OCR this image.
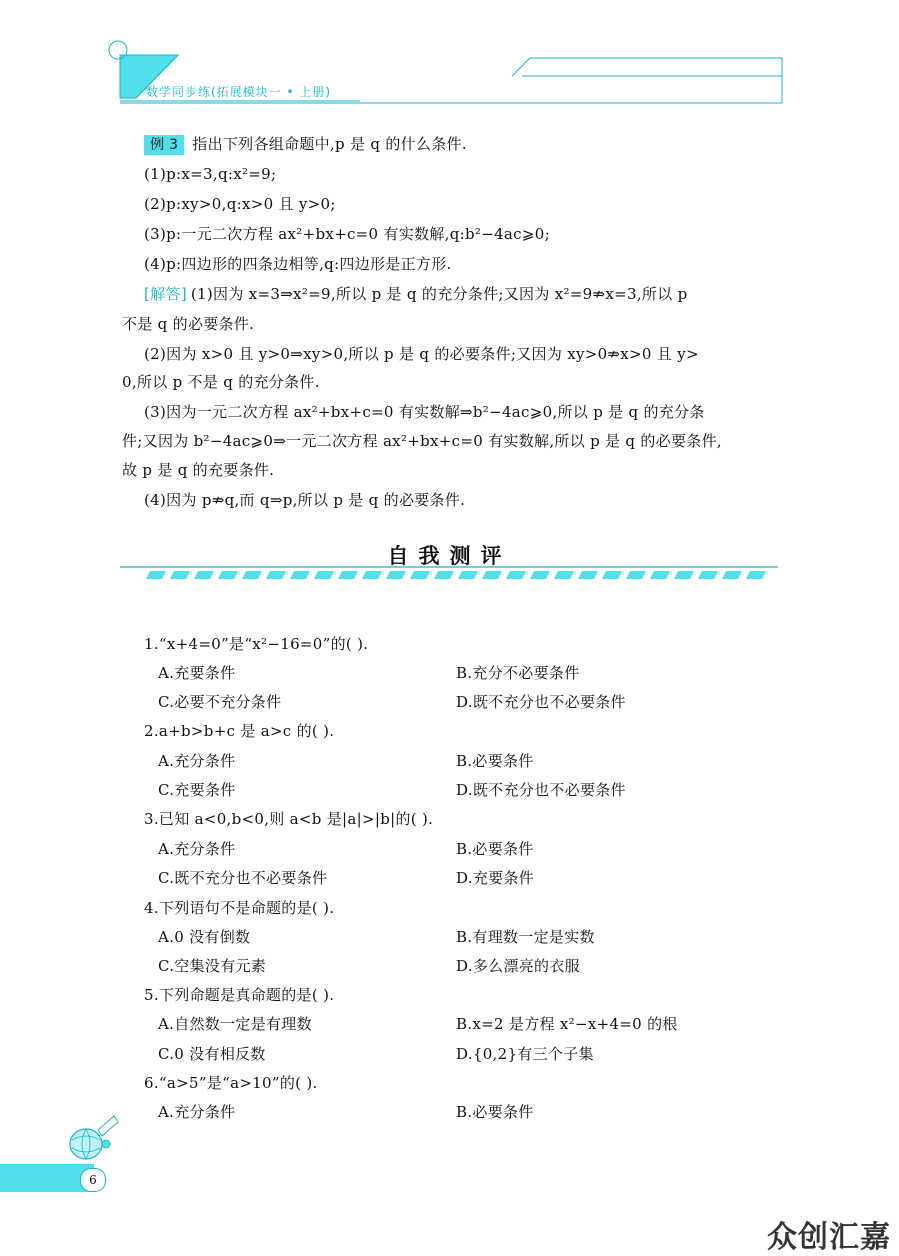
数学同步练(拓展模块一 • 上册)
例 3 指出下列各组命题中,p 是 q 的什么条件.
(1)p:x=3,q:x²=9;
(2)p:xy>0,q:x>0 且 y>0;
(3)p:一元二次方程 ax²+bx+c=0 有实数解,q:b²−4ac⩾0;
(4)p:四边形的四条边相等,q:四边形是正方形.
[解答] (1)因为 x=3⇒x²=9,所以 p 是 q 的充分条件;又因为 x²=9⇏x=3,所以 p
不是 q 的必要条件.
(2)因为 x>0 且 y>0⇒xy>0,所以 p 是 q 的必要条件;又因为 xy>0⇏x>0 且 y>
0,所以 p 不是 q 的充分条件.
(3)因为一元二次方程 ax²+bx+c=0 有实数解⇒b²−4ac⩾0,所以 p 是 q 的充分条
件;又因为 b²−4ac⩾0⇒一元二次方程 ax²+bx+c=0 有实数解,所以 p 是 q 的必要条件,
故 p 是 q 的充要条件.
(4)因为 p⇏q,而 q⇒p,所以 p 是 q 的必要条件.
自我测评
1.“x+4=0”是“x²−16=0”的( ).
A.充要条件	B.充分不必要条件
C.必要不充分条件	D.既不充分也不必要条件
2.a+b>b+c 是 a>c 的( ).
A.充分条件	B.必要条件
C.充要条件	D.既不充分也不必要条件
3.已知 a<0,b<0,则 a<b 是|a|>|b|的( ).
A.充分条件	B.必要条件
C.既不充分也不必要条件	D.充要条件
4.下列语句不是命题的是( ).
A.0 没有倒数	B.有理数一定是实数
C.空集没有元素	D.多么漂亮的衣服
5.下列命题是真命题的是( ).
A.自然数一定是有理数	B.x=2 是方程 x²−x+4=0 的根
C.0 没有相反数	D.{0,2}有三个子集
6.“a>5”是“a>10”的( ).
A.充分条件	B.必要条件
6
众创汇嘉
